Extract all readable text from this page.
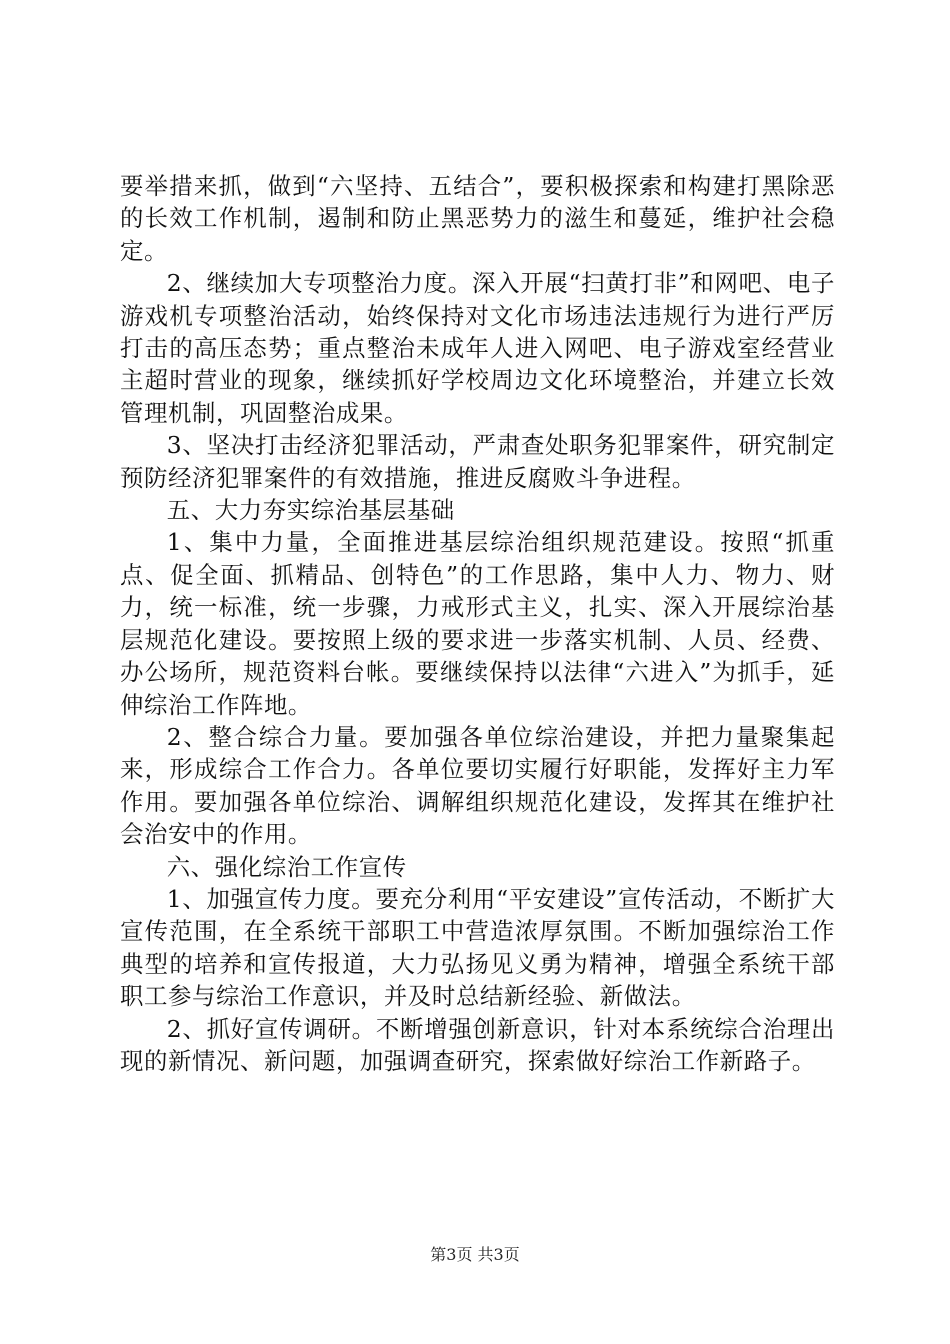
要举措来抓，做到“六坚持、五结合”，要积极探索和构建打黑除恶的长效工作机制，遏制和防止黑恶势力的滋生和蔓延，维护社会稳定。

2、继续加大专项整治力度。深入开展“扫黄打非”和网吧、电子游戏机专项整治活动，始终保持对文化市场违法违规行为进行严厉打击的高压态势；重点整治未成年人进入网吧、电子游戏室经营业主超时营业的现象，继续抓好学校周边文化环境整治，并建立长效管理机制，巩固整治成果。

3、坚决打击经济犯罪活动，严肃查处职务犯罪案件，研究制定预防经济犯罪案件的有效措施，推进反腐败斗争进程。

五、大力夯实综治基层基础

1、集中力量，全面推进基层综治组织规范建设。按照“抓重点、促全面、抓精品、创特色”的工作思路，集中人力、物力、财力，统一标准，统一步骤，力戒形式主义，扎实、深入开展综治基层规范化建设。要按照上级的要求进一步落实机制、人员、经费、办公场所，规范资料台帐。要继续保持以法律“六进入”为抓手，延伸综治工作阵地。

2、整合综合力量。要加强各单位综治建设，并把力量聚集起来，形成综合工作合力。各单位要切实履行好职能，发挥好主力军作用。要加强各单位综治、调解组织规范化建设，发挥其在维护社会治安中的作用。

六、强化综治工作宣传

1、加强宣传力度。要充分利用“平安建设”宣传活动，不断扩大宣传范围，在全系统干部职工中营造浓厚氛围。不断加强综治工作典型的培养和宣传报道，大力弘扬见义勇为精神，增强全系统干部职工参与综治工作意识，并及时总结新经验、新做法。

2、抓好宣传调研。不断增强创新意识，针对本系统综合治理出现的新情况、新问题，加强调查研究，探索做好综治工作新路子。

第3页 共3页
